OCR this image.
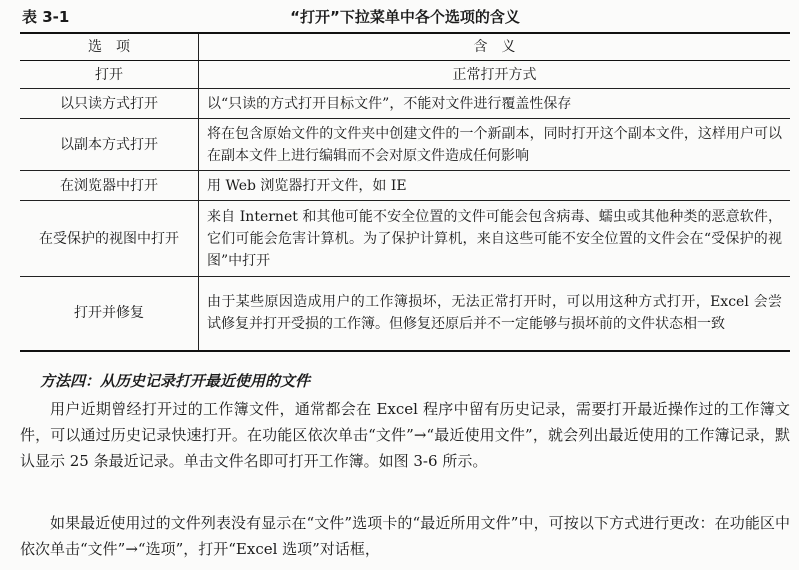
表 3-1	“打开”下拉菜单中各个选项的含义
选　项	含　义
打开	正常打开方式
以只读方式打开	以“只读的方式打开目标文件”，不能对文件进行覆盖性保存
以副本方式打开	将在包含原始文件的文件夹中创建文件的一个新副本，同时打开这个副本文件，这样用户可以在副本文件上进行编辑而不会对原文件造成任何影响
在浏览器中打开	用 Web 浏览器打开文件，如 IE
在受保护的视图中打开	来自 Internet 和其他可能不安全位置的文件可能会包含病毒、蠕虫或其他种类的恶意软件，它们可能会危害计算机。为了保护计算机，来自这些可能不安全位置的文件会在“受保护的视图”中打开
打开并修复	由于某些原因造成用户的工作簿损坏，无法正常打开时，可以用这种方式打开，Excel 会尝试修复并打开受损的工作簿。但修复还原后并不一定能够与损坏前的文件状态相一致
方法四：从历史记录打开最近使用的文件
用户近期曾经打开过的工作簿文件，通常都会在 Excel 程序中留有历史记录，需要打开最近操作过的工作簿文件，可以通过历史记录快速打开。在功能区依次单击“文件”→“最近使用文件”，就会列出最近使用的工作簿记录，默认显示 25 条最近记录。单击文件名即可打开工作簿。如图 3-6 所示。
如果最近使用过的文件列表没有显示在“文件”选项卡的“最近所用文件”中，可按以下方式进行更改：在功能区中依次单击“文件”→“选项”，打开“Excel 选项”对话框，
